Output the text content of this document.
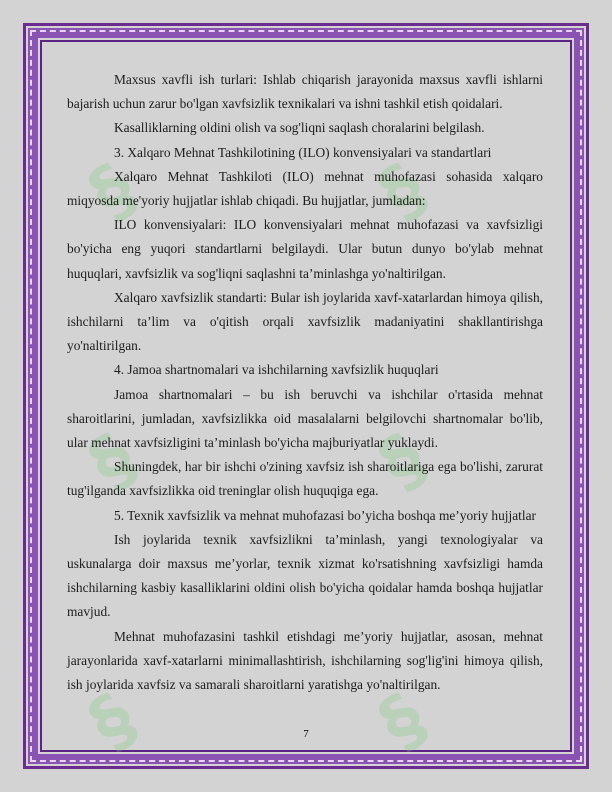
§	§
§	§
§	§

Maxsus xavfli ish turlari: Ishlab chiqarish jarayonida maxsus xavfli ishlarni bajarish uchun zarur bo'lgan xavfsizlik texnikalari va ishni tashkil etish qoidalari.

Kasalliklarning oldini olish va sog'liqni saqlash choralarini belgilash.

3. Xalqaro Mehnat Tashkilotining (ILO) konvensiyalari va standartlari

Xalqaro Mehnat Tashkiloti (ILO) mehnat muhofazasi sohasida xalqaro miqyosda me'yoriy hujjatlar ishlab chiqadi. Bu hujjatlar, jumladan:

ILO konvensiyalari: ILO konvensiyalari mehnat muhofazasi va xavfsizligi bo'yicha eng yuqori standartlarni belgilaydi. Ular butun dunyo bo'ylab mehnat huquqlari, xavfsizlik va sog'liqni saqlashni ta’minlashga yo'naltirilgan.

Xalqaro xavfsizlik standarti: Bular ish joylarida xavf-xatarlardan himoya qilish, ishchilarni ta’lim va o'qitish orqali xavfsizlik madaniyatini shakllantirishga yo'naltirilgan.

4. Jamoa shartnomalari va ishchilarning xavfsizlik huquqlari

Jamoa shartnomalari – bu ish beruvchi va ishchilar o'rtasida mehnat sharoitlarini, jumladan, xavfsizlikka oid masalalarni belgilovchi shartnomalar bo'lib, ular mehnat xavfsizligini ta’minlash bo'yicha majburiyatlar yuklaydi.

Shuningdek, har bir ishchi o'zining xavfsiz ish sharoitlariga ega bo'lishi, zarurat tug'ilganda xavfsizlikka oid treninglar olish huquqiga ega.

5. Texnik xavfsizlik va mehnat muhofazasi bo’yicha boshqa me’yoriy hujjatlar

Ish joylarida texnik xavfsizlikni ta’minlash, yangi texnologiyalar va uskunalarga doir maxsus me’yorlar, texnik xizmat ko'rsatishning xavfsizligi hamda ishchilarning kasbiy kasalliklarini oldini olish bo'yicha qoidalar hamda boshqa hujjatlar mavjud.

Mehnat muhofazasini tashkil etishdagi me’yoriy hujjatlar, asosan, mehnat jarayonlarida xavf-xatarlarni minimallashtirish, ishchilarning sog'lig'ini himoya qilish, ish joylarida xavfsiz va samarali sharoitlarni yaratishga yo'naltirilgan.

7
